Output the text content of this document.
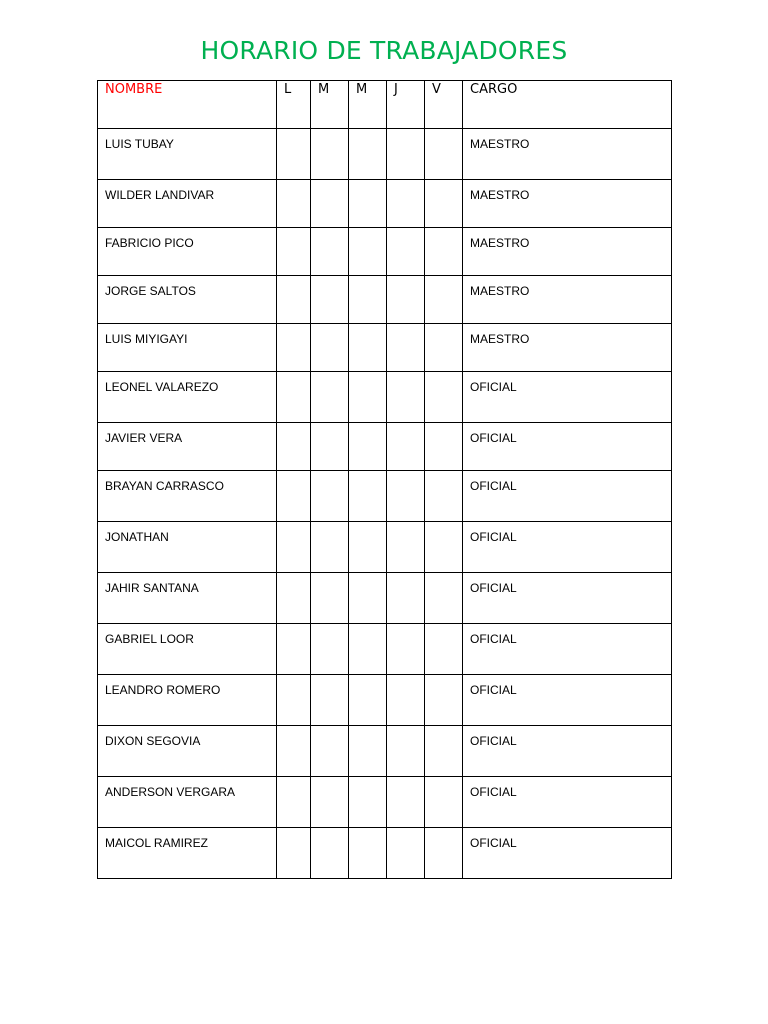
HORARIO DE TRABAJADORES
NOMBRE	L	M	M	J	V	CARGO
LUIS TUBAY						MAESTRO
WILDER LANDIVAR						MAESTRO
FABRICIO PICO						MAESTRO
JORGE SALTOS						MAESTRO
LUIS MIYIGAYI						MAESTRO
LEONEL VALAREZO						OFICIAL
JAVIER VERA						OFICIAL
BRAYAN CARRASCO						OFICIAL
JONATHAN						OFICIAL
JAHIR SANTANA						OFICIAL
GABRIEL LOOR						OFICIAL
LEANDRO ROMERO						OFICIAL
DIXON SEGOVIA						OFICIAL
ANDERSON VERGARA						OFICIAL
MAICOL RAMIREZ						OFICIAL
